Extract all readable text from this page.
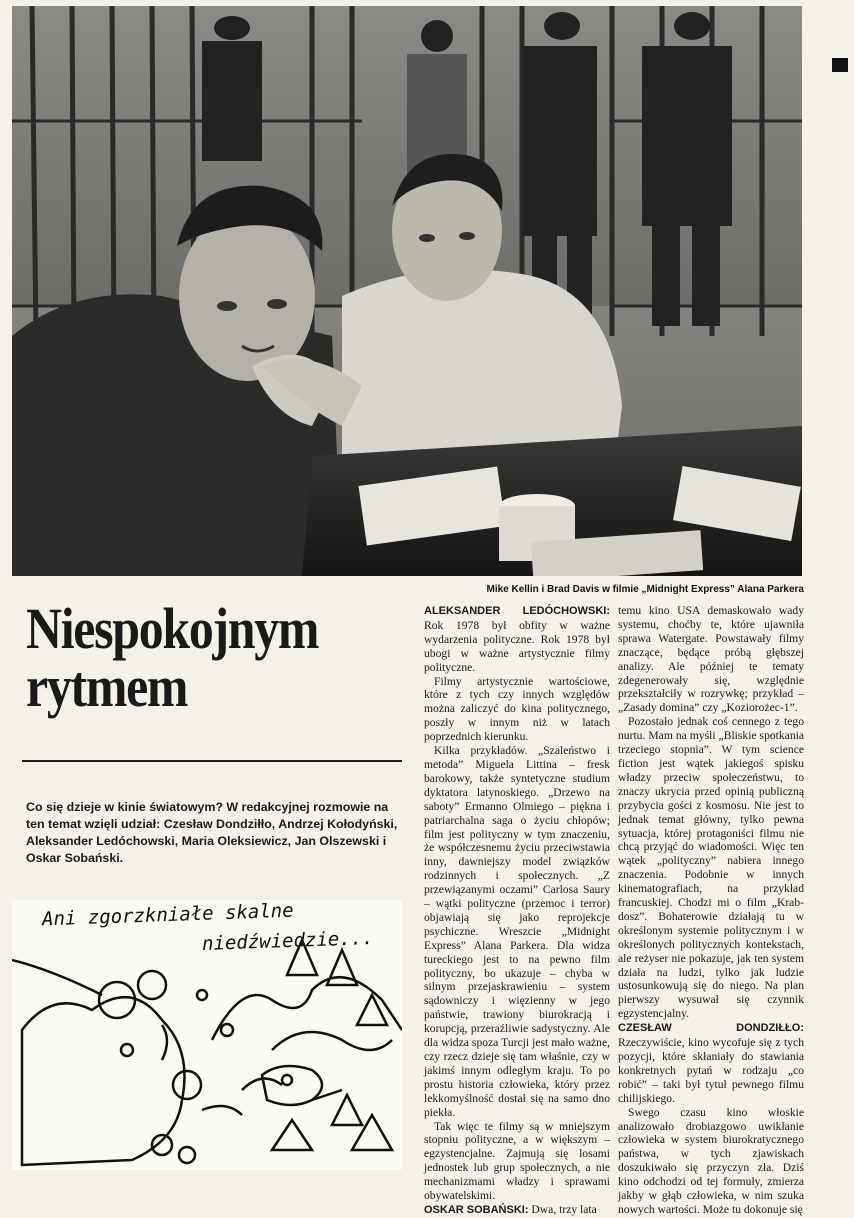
Mike Kellin i Brad Davis w filmie „Midnight Express” Alana Parkera
Niespokojnym
rytmem

Co się dzieje w kinie światowym? W redakcyjnej rozmowie na ten temat wzięli udział: Czesław Dondziłło, Andrzej Kołodyński, Aleksander Ledóchowski, Maria Oleksiewicz, Jan Olszewski i Oskar Sobański.

Ani zgorzkniałe skalne
niedźwiedzie...

ALEKSANDER LEDÓCHOWSKI: Rok 1978 był obfity w ważne wydarzenia polityczne. Rok 1978 był ubogi w ważne artystycznie filmy polityczne.

Filmy artystycznie wartościowe, które z tych czy innych względów można zaliczyć do kina politycznego, poszły w innym niż w latach poprzednich kierunku.

Kilka przykładów. „Szaleństwo i metoda” Miguela Littina – fresk barokowy, także syntetyczne studium dyktatora latynoskiego. „Drzewo na saboty” Ermanno Olmiego – piękna i patriarchalna saga o życiu chłopów; film jest polityczny w tym znaczeniu, że współczesnemu życiu przeciwstawia inny, dawniejszy model związków rodzinnych i społecznych. „Z przewiązanymi oczami” Carlosa Saury – wątki polityczne (przemoc i terror) objawiają się jako reprojekcje psychiczne. Wreszcie „Midnight Express” Alana Parkera. Dla widza tureckiego jest to na pewno film polityczny, bo ukazuje – chyba w silnym przejaskrawieniu – system sądowniczy i więzienny w jego państwie, trawiony biurokracją i korupcją, przeraźliwie sadystyczny. Ale dla widza spoza Turcji jest mało ważne, czy rzecz dzieje się tam właśnie, czy w jakimś innym odległym kraju. To po prostu historia człowieka, który przez lekkomyślność dostał się na samo dno piekła.

Tak więc te filmy są w mniejszym stopniu polityczne, a w większym – egzystencjalne. Zajmują się losami jednostek lub grup społecznych, a nie mechanizmami władzy i sprawami obywatelskimi.

OSKAR SOBAŃSKI: Dwa, trzy lata

temu kino USA demaskowało wady systemu, choćby te, które ujawniła sprawa Watergate. Powstawały filmy znaczące, będące próbą głębszej analizy. Ale później te tematy zdegenerowały się, względnie przekształciły w rozrywkę; przykład – „Zasady domina” czy „Koziorożec-1”.

Pozostało jednak coś cennego z tego nurtu. Mam na myśli „Bliskie spotkania trzeciego stopnia”. W tym science fiction jest wątek jakiegoś spisku władzy przeciw społeczeństwu, to znaczy ukrycia przed opinią publiczną przybycia gości z kosmosu. Nie jest to jednak temat główny, tylko pewna sytuacja, której protagoniści filmu nie chcą przyjąć do wiadomości. Więc ten wątek „polityczny” nabiera innego znaczenia. Podobnie w innych kinematografiach, na przykład francuskiej. Chodzi mi o film „Krab-dosz”. Bohaterowie działają tu w określonym systemie politycznym i w określonych politycznych kontekstach, ale reżyser nie pokazuje, jak ten system działa na ludzi, tylko jak ludzie ustosunkowują się do niego. Na plan pierwszy wysuwał się czynnik egzystencjalny.

CZESŁAW DONDZIŁŁO: Rzeczywiście, kino wycofuje się z tych pozycji, które skłaniały do stawiania konkretnych pytań w rodzaju „co robić” – taki był tytuł pewnego filmu chilijskiego.

Swego czasu kino włoskie analizowało drobiazgowo uwikłanie człowieka w system biurokratycznego państwa, w tych zjawiskach doszukiwało się przyczyn zła. Dziś kino odchodzi od tej formuły, zmierza jakby w głąb człowieka, w nim szuka nowych wartości. Może tu dokonuje się
